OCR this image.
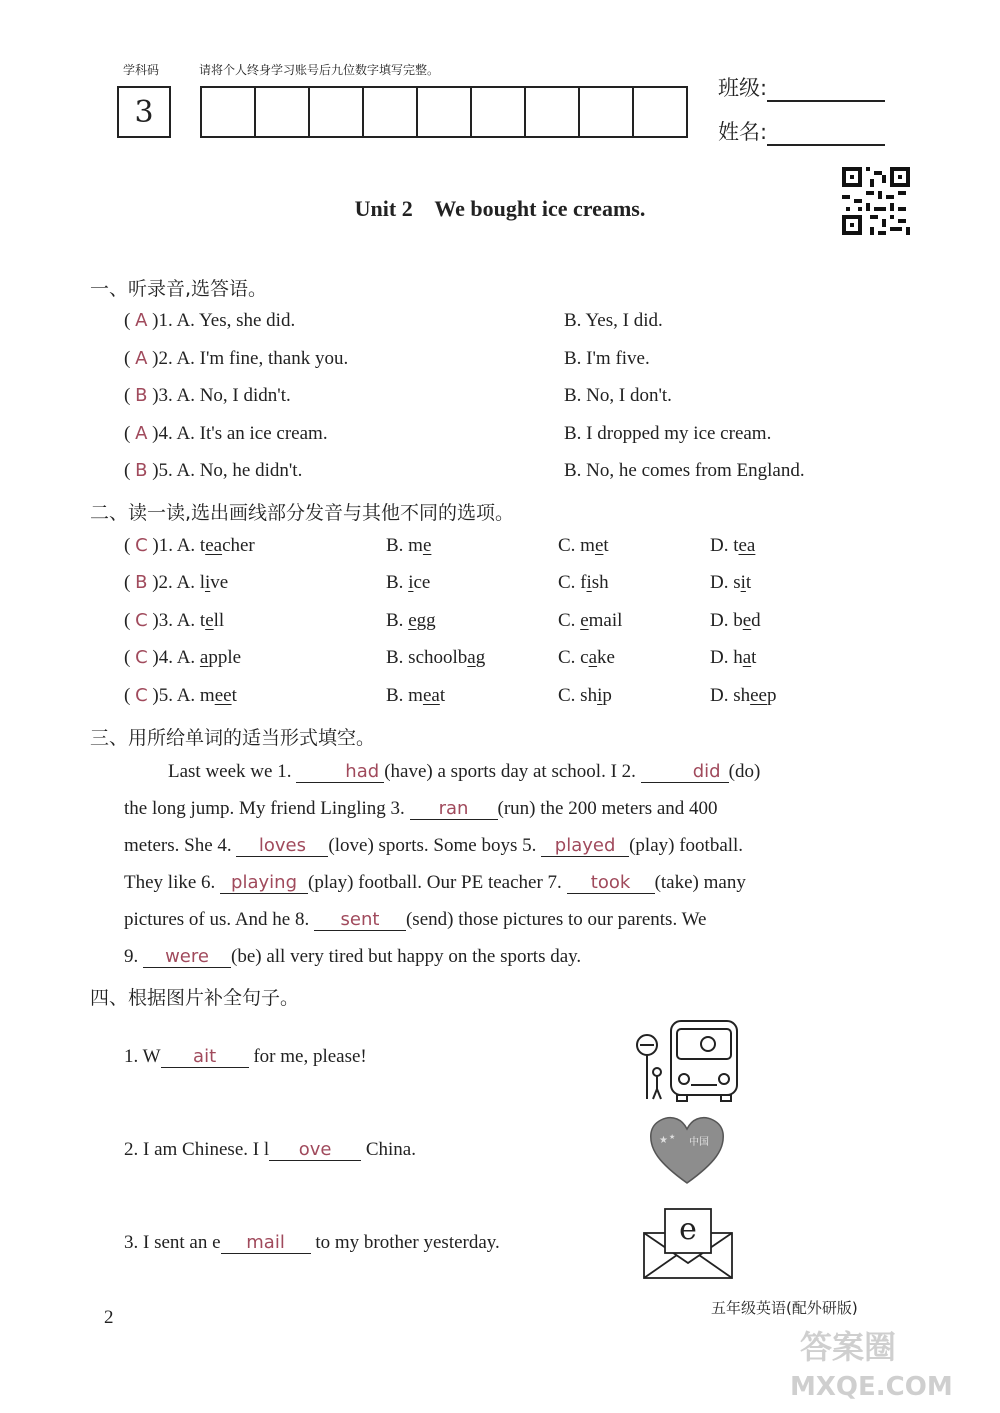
学科码	请将个人终身学习账号后九位数字填写完整。
3
班级:
姓名:
Unit 2    We bought ice creams.
一、听录音,选答语。
( A )1. A. Yes, she did.	B. Yes, I did.
( A )2. A. I'm fine, thank you.	B. I'm five.
( B )3. A. No, I didn't.	B. No, I don't.
( A )4. A. It's an ice cream.	B. I dropped my ice cream.
( B )5. A. No, he didn't.	B. No, he comes from England.
二、读一读,选出画线部分发音与其他不同的选项。
( C )1. A. teacher	B. me	C. met	D. tea
( B )2. A. live	B. ice	C. fish	D. sit
( C )3. A. tell	B. egg	C. email	D. bed
( C )4. A. apple	B. schoolbag	C. cake	D. hat
( C )5. A. meet	B. meat	C. ship	D. sheep
三、用所给单词的适当形式填空。
Last week we 1.	had (have) a sports day at school. I 2.	did (do)
the long jump. My friend Lingling 3. ran (run) the 200 meters and 400
meters. She 4. loves (love) sports. Some boys 5. played (play) football.
They like 6. playing (play) football. Our PE teacher 7. took (take) many
pictures of us. And he 8. sent (send) those pictures to our parents. We
9. were (be) all very tired but happy on the sports day.
四、根据图片补全句子。
1. W ait for me, please!
2. I am Chinese. I l ove China.
3. I sent an e mail to my brother yesterday.
★ ★ 中国
e
2	五年级英语(配外研版)
答案圈
MXQE.COM
